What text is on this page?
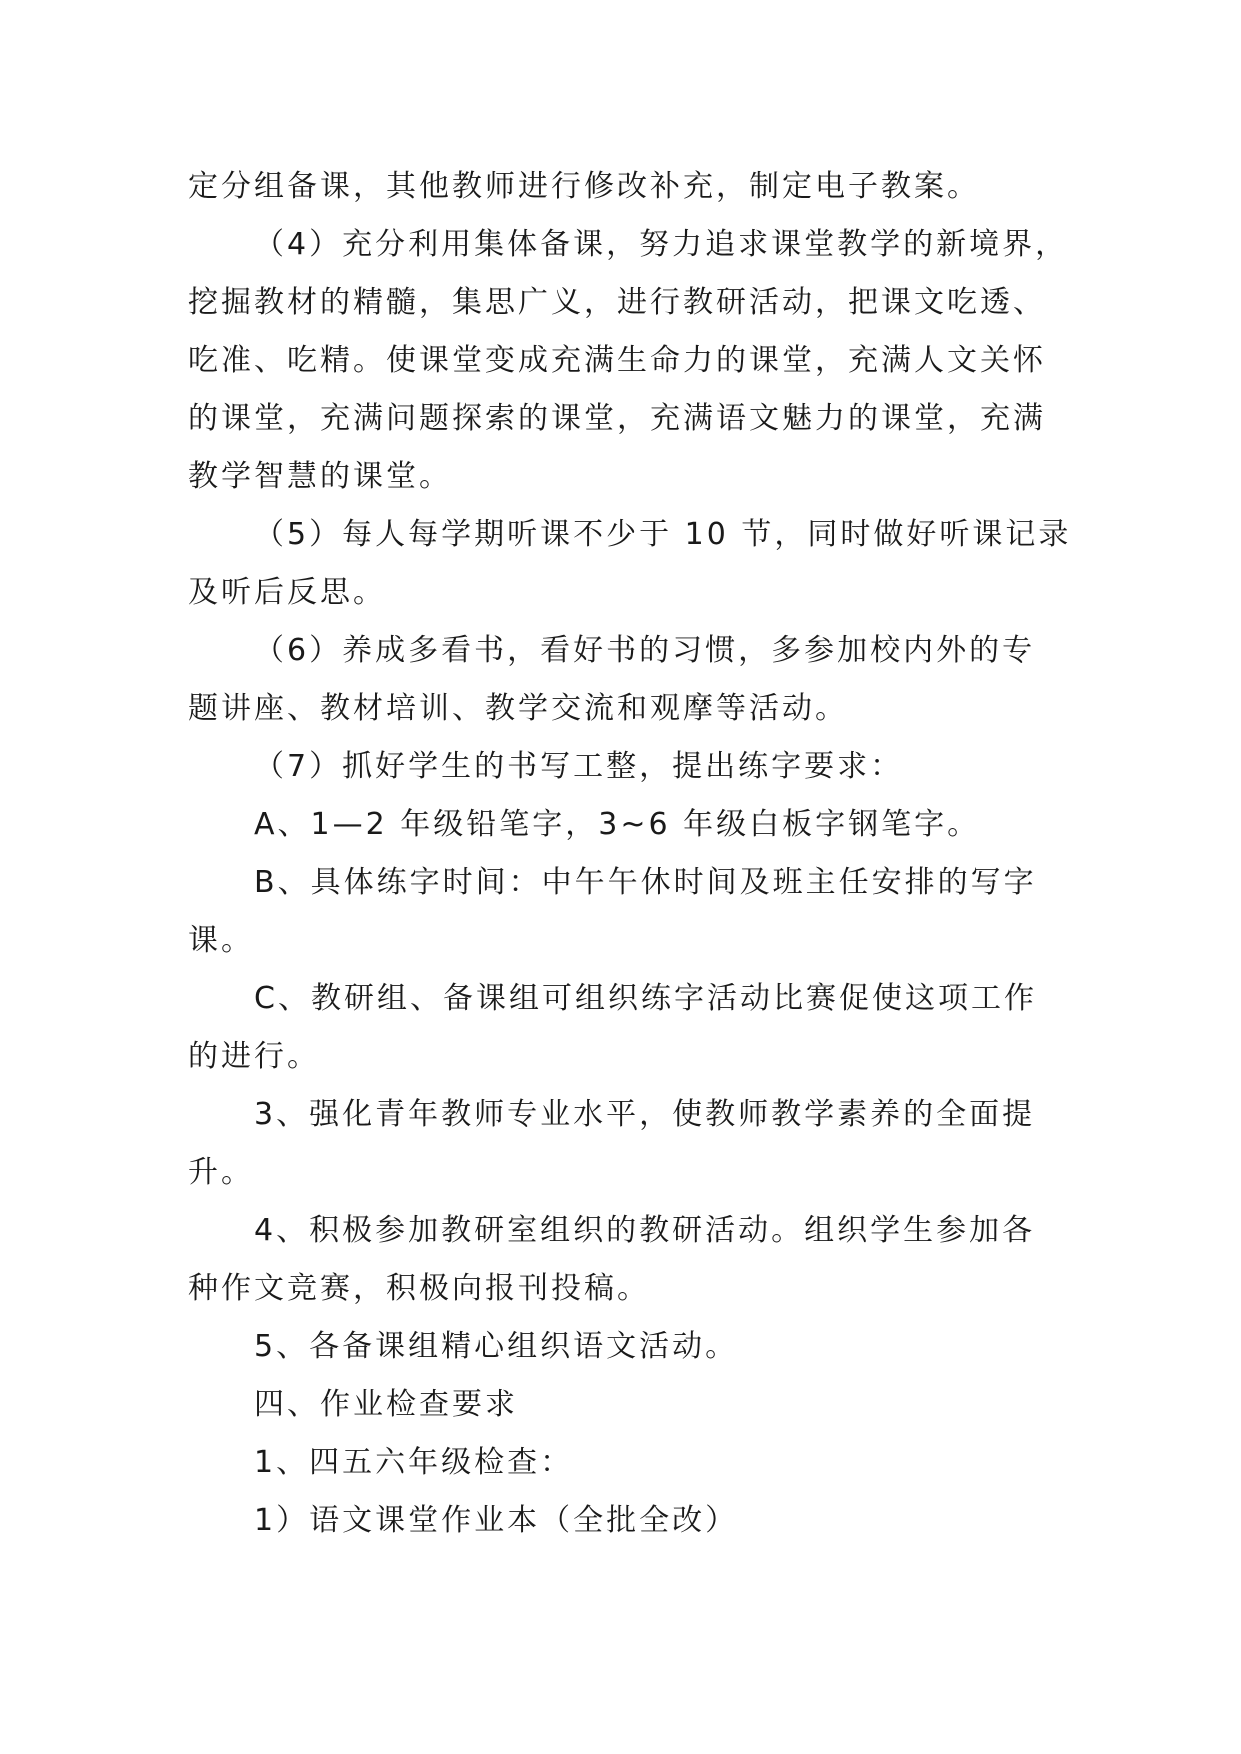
定分组备课，其他教师进行修改补充，制定电子教案。

（4）充分利用集体备课，努力追求课堂教学的新境界，

挖掘教材的精髓，集思广义，进行教研活动，把课文吃透、

吃准、吃精。使课堂变成充满生命力的课堂，充满人文关怀

的课堂，充满问题探索的课堂，充满语文魅力的课堂，充满

教学智慧的课堂。

（5）每人每学期听课不少于 10 节，同时做好听课记录

及听后反思。

（6）养成多看书，看好书的习惯，多参加校内外的专

题讲座、教材培训、教学交流和观摩等活动。

（7）抓好学生的书写工整，提出练字要求：

A、1—2 年级铅笔字，3~6 年级白板字钢笔字。

B、具体练字时间：中午午休时间及班主任安排的写字

课。

C、教研组、备课组可组织练字活动比赛促使这项工作

的进行。

3、强化青年教师专业水平，使教师教学素养的全面提

升。

4、积极参加教研室组织的教研活动。组织学生参加各

种作文竞赛，积极向报刊投稿。

5、各备课组精心组织语文活动。

四、作业检查要求

1、四五六年级检查：

1）语文课堂作业本（全批全改）
